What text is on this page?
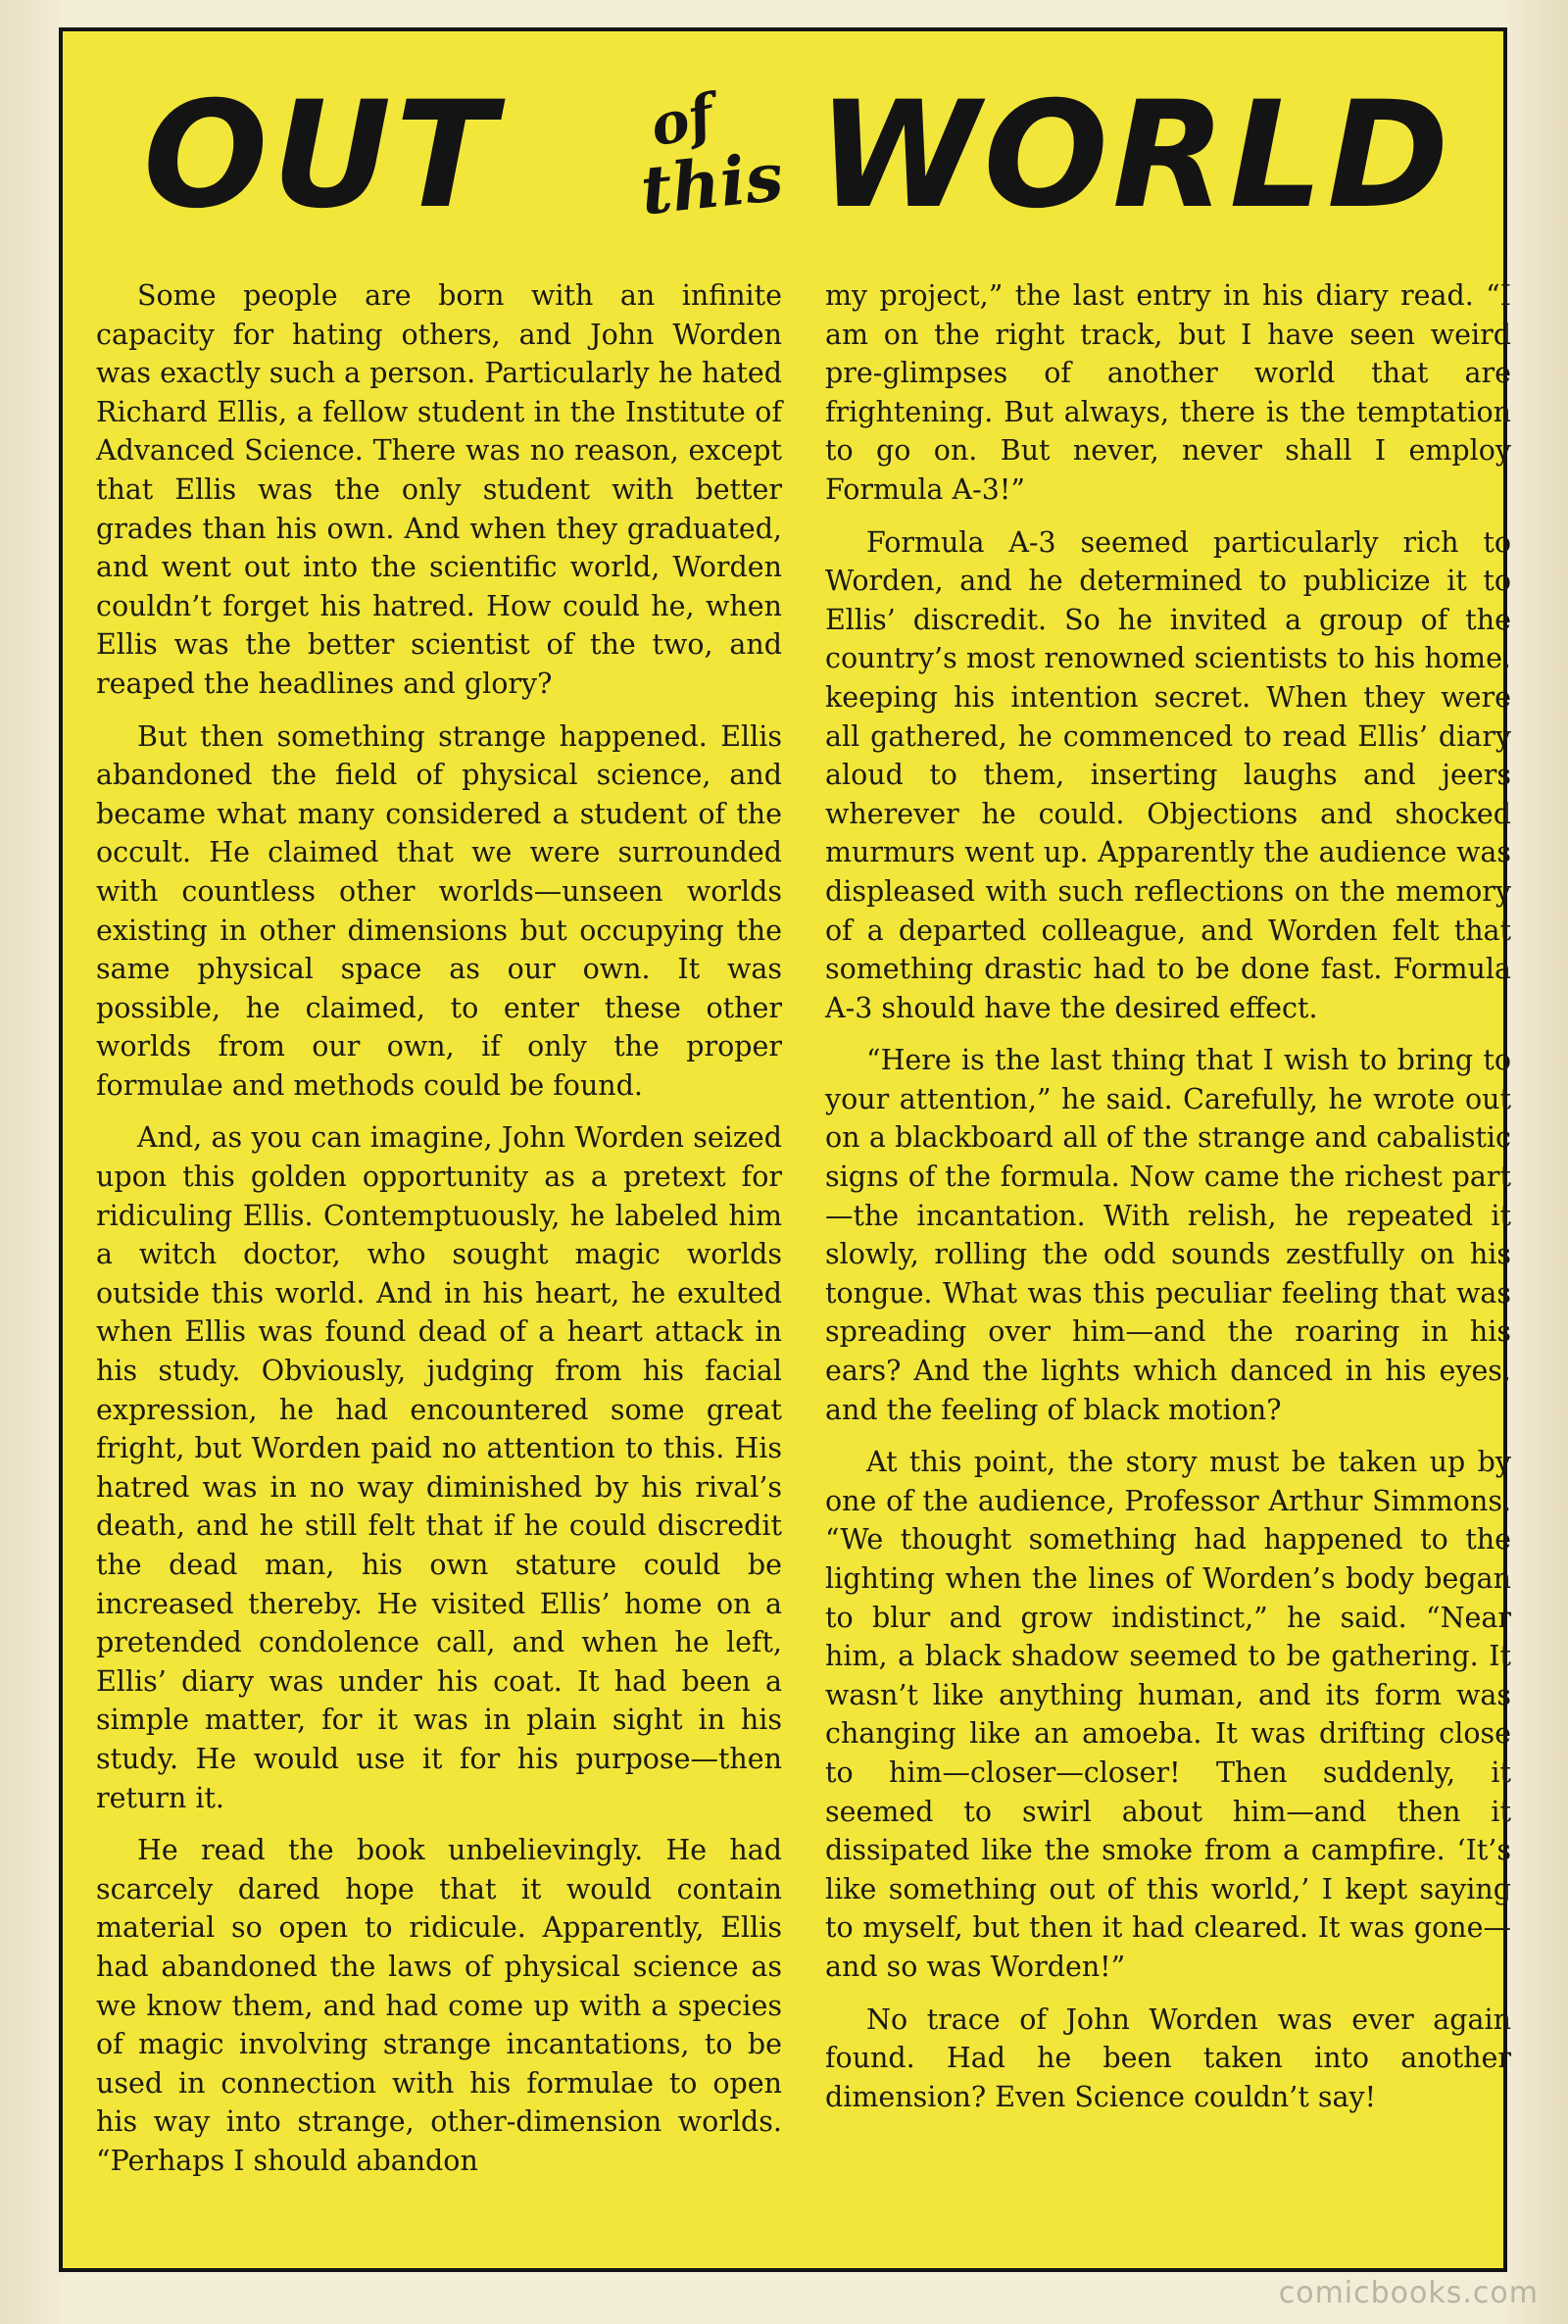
OUT	of
this WORLD

Some people are born with an infinite capacity for hating others, and John Worden was exactly such a person. Particularly he hated Richard Ellis, a fellow student in the Institute of Advanced Science. There was no reason, except that Ellis was the only student with better grades than his own. And when they graduated, and went out into the scientific world, Worden couldn’t forget his hatred. How could he, when Ellis was the better scientist of the two, and reaped the headlines and glory?

But then something strange happened. Ellis abandoned the field of physical science, and became what many considered a student of the occult. He claimed that we were surrounded with countless other worlds—unseen worlds existing in other dimensions but occupying the same physical space as our own. It was possible, he claimed, to enter these other worlds from our own, if only the proper formulae and methods could be found.

And, as you can imagine, John Worden seized upon this golden opportunity as a pretext for ridiculing Ellis. Contemptuously, he labeled him a witch doctor, who sought magic worlds outside this world. And in his heart, he exulted when Ellis was found dead of a heart attack in his study. Obviously, judging from his facial expression, he had encountered some great fright, but Worden paid no attention to this. His hatred was in no way diminished by his rival’s death, and he still felt that if he could discredit the dead man, his own stature could be increased thereby. He visited Ellis’ home on a pretended condolence call, and when he left, Ellis’ diary was under his coat. It had been a simple matter, for it was in plain sight in his study. He would use it for his purpose—then return it.

He read the book unbelievingly. He had scarcely dared hope that it would contain material so open to ridicule. Apparently, Ellis had abandoned the laws of physical science as we know them, and had come up with a species of magic involving strange incantations, to be used in connection with his formulae to open his way into strange, other-dimension worlds. “Perhaps I should abandon

my project,” the last entry in his diary read. “I am on the right track, but I have seen weird pre-glimpses of another world that are frightening. But always, there is the temptation to go on. But never, never shall I employ Formula A-3!”

Formula A-3 seemed particularly rich to Worden, and he determined to publicize it to Ellis’ discredit. So he invited a group of the country’s most renowned scientists to his home, keeping his intention secret. When they were all gathered, he commenced to read Ellis’ diary aloud to them, inserting laughs and jeers wherever he could. Objections and shocked murmurs went up. Apparently the audience was displeased with such reflections on the memory of a departed colleague, and Worden felt that something drastic had to be done fast. Formula A-3 should have the desired effect.

“Here is the last thing that I wish to bring to your attention,” he said. Carefully, he wrote out on a blackboard all of the strange and cabalistic signs of the formula. Now came the richest part—the incantation. With relish, he repeated it slowly, rolling the odd sounds zestfully on his tongue. What was this peculiar feeling that was spreading over him—and the roaring in his ears? And the lights which danced in his eyes, and the feeling of black motion?

At this point, the story must be taken up by one of the audience, Professor Arthur Simmons. “We thought something had happened to the lighting when the lines of Worden’s body began to blur and grow indistinct,” he said. “Near him, a black shadow seemed to be gathering. It wasn’t like anything human, and its form was changing like an amoeba. It was drifting close to him—closer—closer! Then suddenly, it seemed to swirl about him—and then it dissipated like the smoke from a campfire. ‘It’s like something out of this world,’ I kept saying to myself, but then it had cleared. It was gone—and so was Worden!”

No trace of John Worden was ever again found. Had he been taken into another dimension? Even Science couldn’t say!

comicbooks.com
